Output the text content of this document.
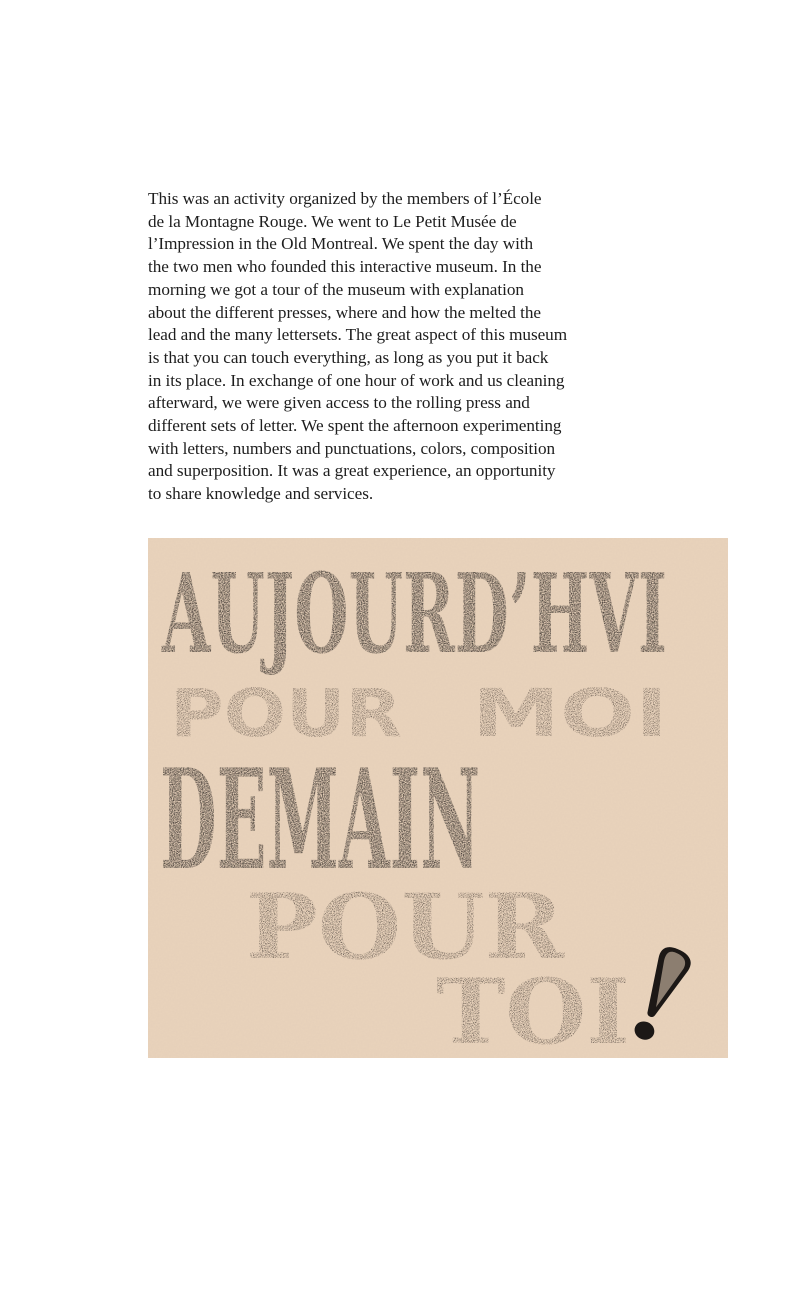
This was an activity organized by the members of l’École
de la Montagne Rouge. We went to Le Petit Musée de
l’Impression in the Old Montreal. We spent the day with
the two men who founded this interactive museum. In the
morning we got a tour of the museum with explanation
about the different presses, where and how the melted the
lead and the many lettersets. The great aspect of this museum
is that you can touch everything, as long as you put it back
in its place. In exchange of one hour of work and us cleaning
afterward, we were given access to the rolling press and
different sets of letter. We spent the afternoon experimenting
with letters, numbers and punctuations, colors, composition
and superposition. It was a great experience, an opportunity
to share knowledge and services.

AUJOURD’HVI
POUR MOI
DEMAIN
POUR
TOI
